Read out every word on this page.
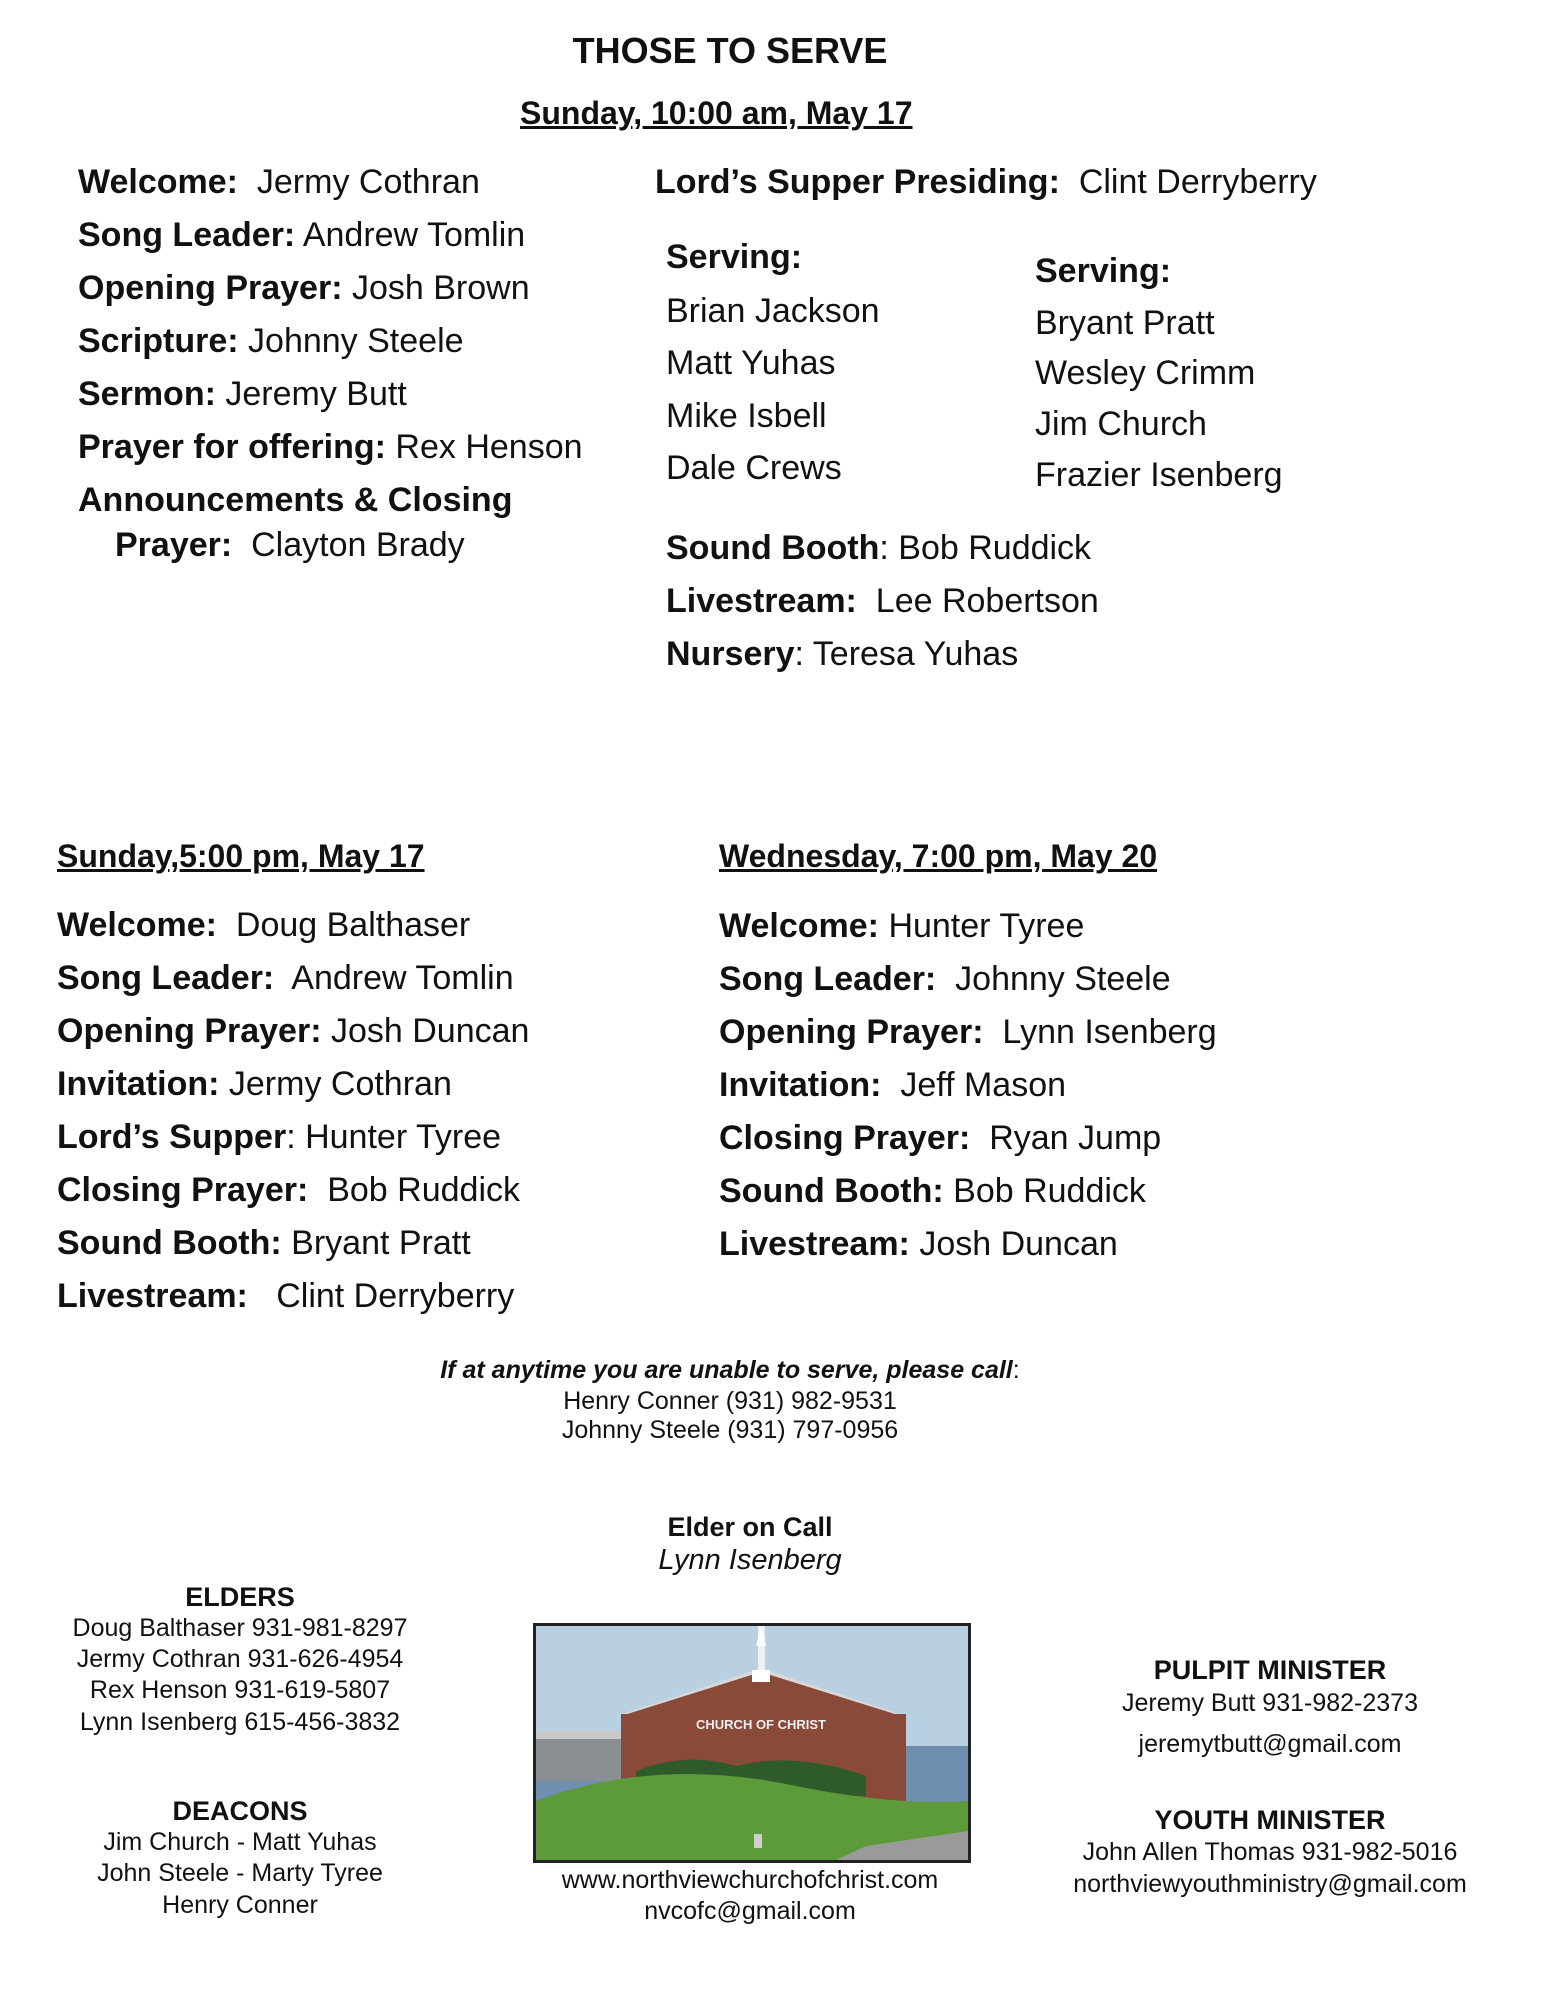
THOSE TO SERVE
Sunday, 10:00 am, May 17
Welcome: Jermy Cothran
Song Leader: Andrew Tomlin
Opening Prayer: Josh Brown
Scripture: Johnny Steele
Sermon: Jeremy Butt
Prayer for offering: Rex Henson
Announcements & Closing
Prayer: Clayton Brady
Lord’s Supper Presiding: Clint Derryberry
Serving:
Brian Jackson
Matt Yuhas
Mike Isbell
Dale Crews
Serving:
Bryant Pratt
Wesley Crimm
Jim Church
Frazier Isenberg
Sound Booth: Bob Ruddick
Livestream: Lee Robertson
Nursery: Teresa Yuhas
Sunday,5:00 pm, May 17
Welcome: Doug Balthaser
Song Leader: Andrew Tomlin
Opening Prayer: Josh Duncan
Invitation: Jermy Cothran
Lord’s Supper: Hunter Tyree
Closing Prayer: Bob Ruddick
Sound Booth: Bryant Pratt
Livestream: Clint Derryberry
Wednesday, 7:00 pm, May 20
Welcome: Hunter Tyree
Song Leader: Johnny Steele
Opening Prayer: Lynn Isenberg
Invitation: Jeff Mason
Closing Prayer: Ryan Jump
Sound Booth: Bob Ruddick
Livestream: Josh Duncan
If at anytime you are unable to serve, please call:
Henry Conner (931) 982-9531
Johnny Steele (931) 797-0956
Elder on Call
Lynn Isenberg
ELDERS
Doug Balthaser 931-981-8297
Jermy Cothran 931-626-4954
Rex Henson 931-619-5807
Lynn Isenberg 615-456-3832
DEACONS
Jim Church - Matt Yuhas
John Steele - Marty Tyree
Henry Conner
CHURCH OF CHRIST
www.northviewchurchofchrist.com
nvcofc@gmail.com
PULPIT MINISTER
Jeremy Butt 931-982-2373
jeremytbutt@gmail.com
YOUTH MINISTER
John Allen Thomas 931-982-5016
northviewyouthministry@gmail.com
